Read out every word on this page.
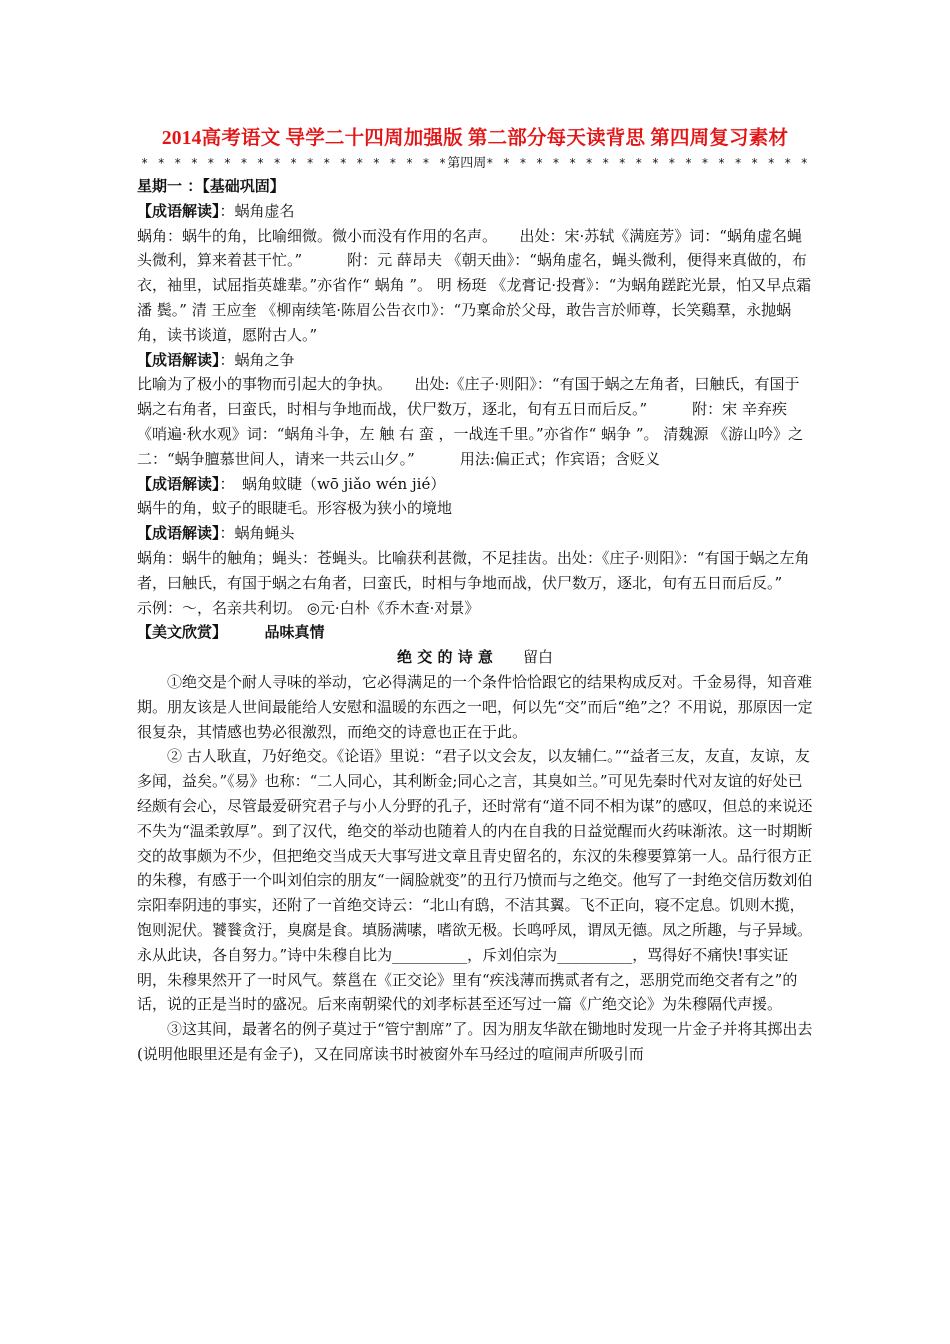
2014高考语文 导学二十四周加强版 第二部分每天读背思 第四周复习素材
* * * * * * * * * * * * * * * * * * *第四周* * * * * * * * * * * * * * * * * * * *

星期一 ：【基础巩固】

【成语解读】：蜗角虚名

蜗角：蜗牛的角，比喻细微。微小而没有作用的名声。　　出处：宋·苏轼《满庭芳》词：“蜗角虚名蝇头微利，算来着甚干忙。”　　　附：元 薛昂夫 《朝天曲》：“蜗角虚名，蝇头微利，便得来真做的，布衣，袖里，试屈指英雄辈。”亦省作“ 蜗角 ”。 明 杨珽 《龙膏记·投膏》：“为蜗角蹉跎光景，怕又早点霜 潘 鬓。” 清 王应奎 《柳南续笔·陈眉公告衣巾》：“乃稟命於父母，敢告言於师尊，长笑鷄羣，永抛蜗角，读书谈道，愿附古人。”

【成语解读】：蜗角之争

比喻为了极小的事物而引起大的争执。　　出处:《庄子·则阳》：“有国于蜗之左角者，曰触氏，有国于蜗之右角者，曰蛮氏，时相与争地而战，伏尸数万，逐北，旬有五日而后反。”　　　附：宋 辛弃疾 《哨遍·秋水观》词：“蜗角斗争，左 触 右 蛮 ，一战连千里。”亦省作“ 蜗争 ”。 清魏源 《游山吟》之二：“蜗争膻慕世间人，请来一共云山夕。”　　　用法:偏正式；作宾语；含贬义

【成语解读】：　蜗角蚊睫（wō jiǎo wén jié）

蜗牛的角，蚊子的眼睫毛。形容极为狭小的境地

【成语解读】：蜗角蝇头

蜗角：蜗牛的触角；蝇头：苍蝇头。比喻获利甚微，不足挂齿。出处：《庄子·则阳》：“有国于蜗之左角者，曰触氏，有国于蜗之右角者，曰蛮氏，时相与争地而战，伏尸数万，逐北，旬有五日而后反。”

示例：～，名亲共利切。 ◎元·白朴《乔木查·对景》

【美文欣赏】　　　	品味真情

绝 交 的 诗 意　　 留白

①绝交是个耐人寻味的举动，它必得满足的一个条件恰恰跟它的结果构成反对。千金易得，知音难期。朋友该是人世间最能给人安慰和温暖的东西之一吧，何以先“交”而后“绝”之？不用说，那原因一定很复杂，其情感也势必很激烈，而绝交的诗意也正在于此。

② 古人耿直，乃好绝交。《论语》里说：“君子以文会友，以友辅仁。”“益者三友，友直，友谅，友多闻，益矣。”《易》也称：“二人同心，其利断金;同心之言，其臭如兰。”可见先秦时代对友谊的好处已经颇有会心，尽管最爱研究君子与小人分野的孔子，还时常有“道不同不相为谋”的感叹，但总的来说还不失为“温柔敦厚”。到了汉代，绝交的举动也随着人的内在自我的日益觉醒而火药味渐浓。这一时期断交的故事颇为不少，但把绝交当成天大事写进文章且青史留名的，东汉的朱穆要算第一人。品行很方正的朱穆，有感于一个叫刘伯宗的朋友“一阔脸就变”的丑行乃愤而与之绝交。他写了一封绝交信历数刘伯宗阳奉阴违的事实，还附了一首绝交诗云：“北山有鸱，不洁其翼。飞不正向，寝不定息。饥则木揽，饱则泥伏。饕餮贪汙，臭腐是食。填肠满嗉，嗜欲无极。长鸣呼凤，谓凤无德。凤之所趣，与子异域。永从此诀，各自努力。”诗中朱穆自比为__________，斥刘伯宗为__________，骂得好不痛快!事实证明，朱穆果然开了一时风气。蔡邕在《正交论》里有“疾浅薄而携贰者有之，恶朋党而绝交者有之”的话，说的正是当时的盛况。后来南朝梁代的刘孝标甚至还写过一篇《广绝交论》为朱穆隔代声援。

③这其间，最著名的例子莫过于“管宁割席”了。因为朋友华歆在锄地时发现一片金子并将其掷出去(说明他眼里还是有金子)，又在同席读书时被窗外车马经过的喧闹声所吸引而
